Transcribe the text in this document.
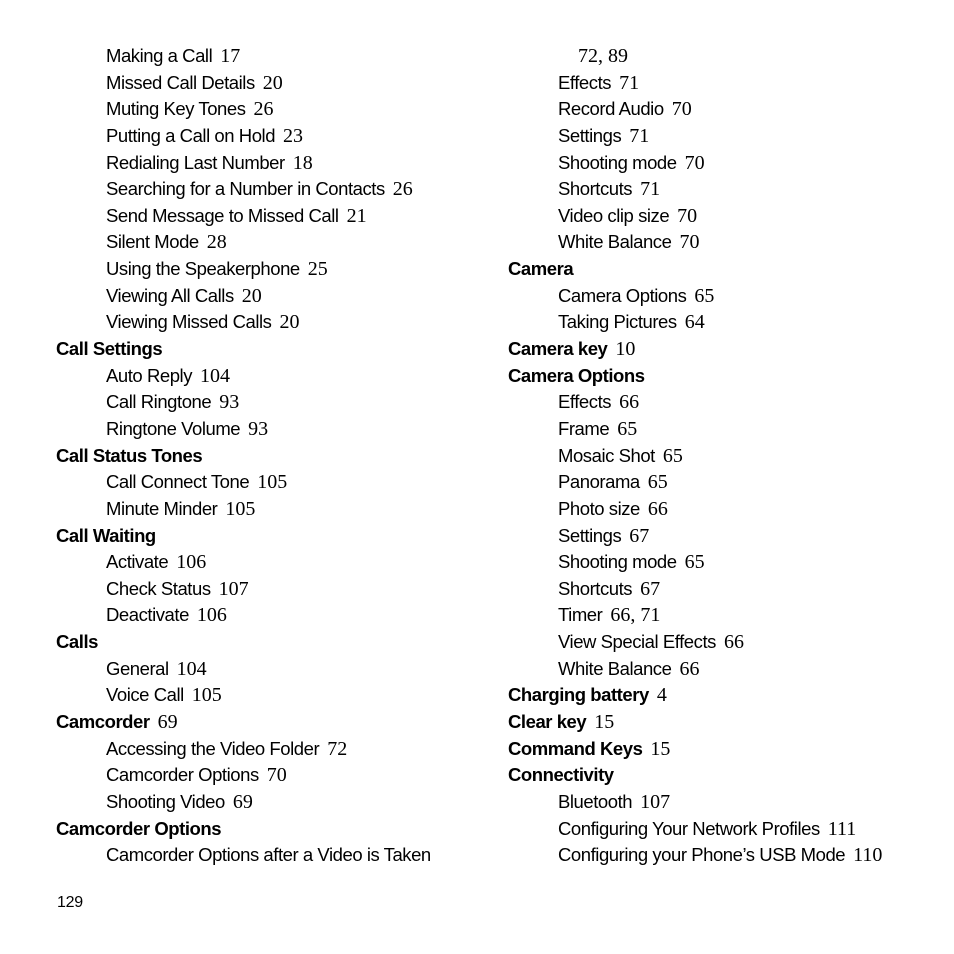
Making a Call 17
Missed Call Details 20
Muting Key Tones 26
Putting a Call on Hold 23
Redialing Last Number 18
Searching for a Number in Contacts 26
Send Message to Missed Call 21
Silent Mode 28
Using the Speakerphone 25
Viewing All Calls 20
Viewing Missed Calls 20
Call Settings
Auto Reply 104
Call Ringtone 93
Ringtone Volume 93
Call Status Tones
Call Connect Tone 105
Minute Minder 105
Call Waiting
Activate 106
Check Status 107
Deactivate 106
Calls
General 104
Voice Call 105
Camcorder 69
Accessing the Video Folder 72
Camcorder Options 70
Shooting Video 69
Camcorder Options
Camcorder Options after a Video is Taken
72, 89
Effects 71
Record Audio 70
Settings 71
Shooting mode 70
Shortcuts 71
Video clip size 70
White Balance 70
Camera
Camera Options 65
Taking Pictures 64
Camera key 10
Camera Options
Effects 66
Frame 65
Mosaic Shot 65
Panorama 65
Photo size 66
Settings 67
Shooting mode 65
Shortcuts 67
Timer 66, 71
View Special Effects 66
White Balance 66
Charging battery 4
Clear key 15
Command Keys 15
Connectivity
Bluetooth 107
Configuring Your Network Profiles 111
Configuring your Phone’s USB Mode 110
129
